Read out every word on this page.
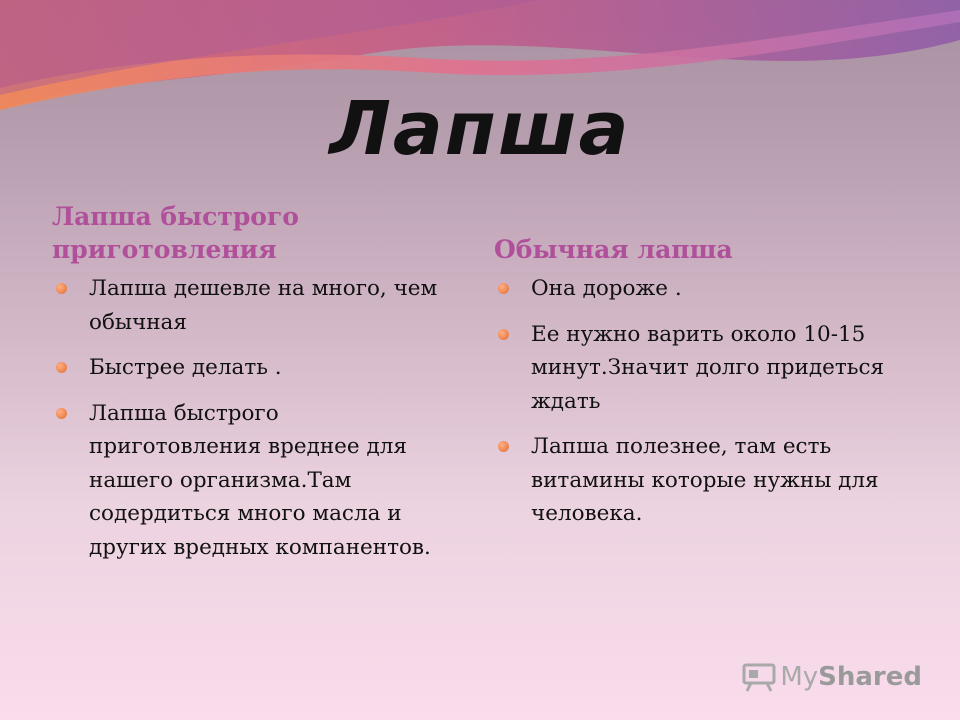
Лапша
Лапша быстрого приготовления
Лапша дешевле на много, чем обычная
Быстрее делать .
Лапша быстрого приготовления вреднее для нашего организма.Там содердиться много масла и других вредных компанентов.
Обычная лапша
Она дороже .
Ее нужно варить около 10-15 минут.Значит долго придеться ждать
Лапша полезнее, там есть витамины которые нужны для человека.
My Shared
